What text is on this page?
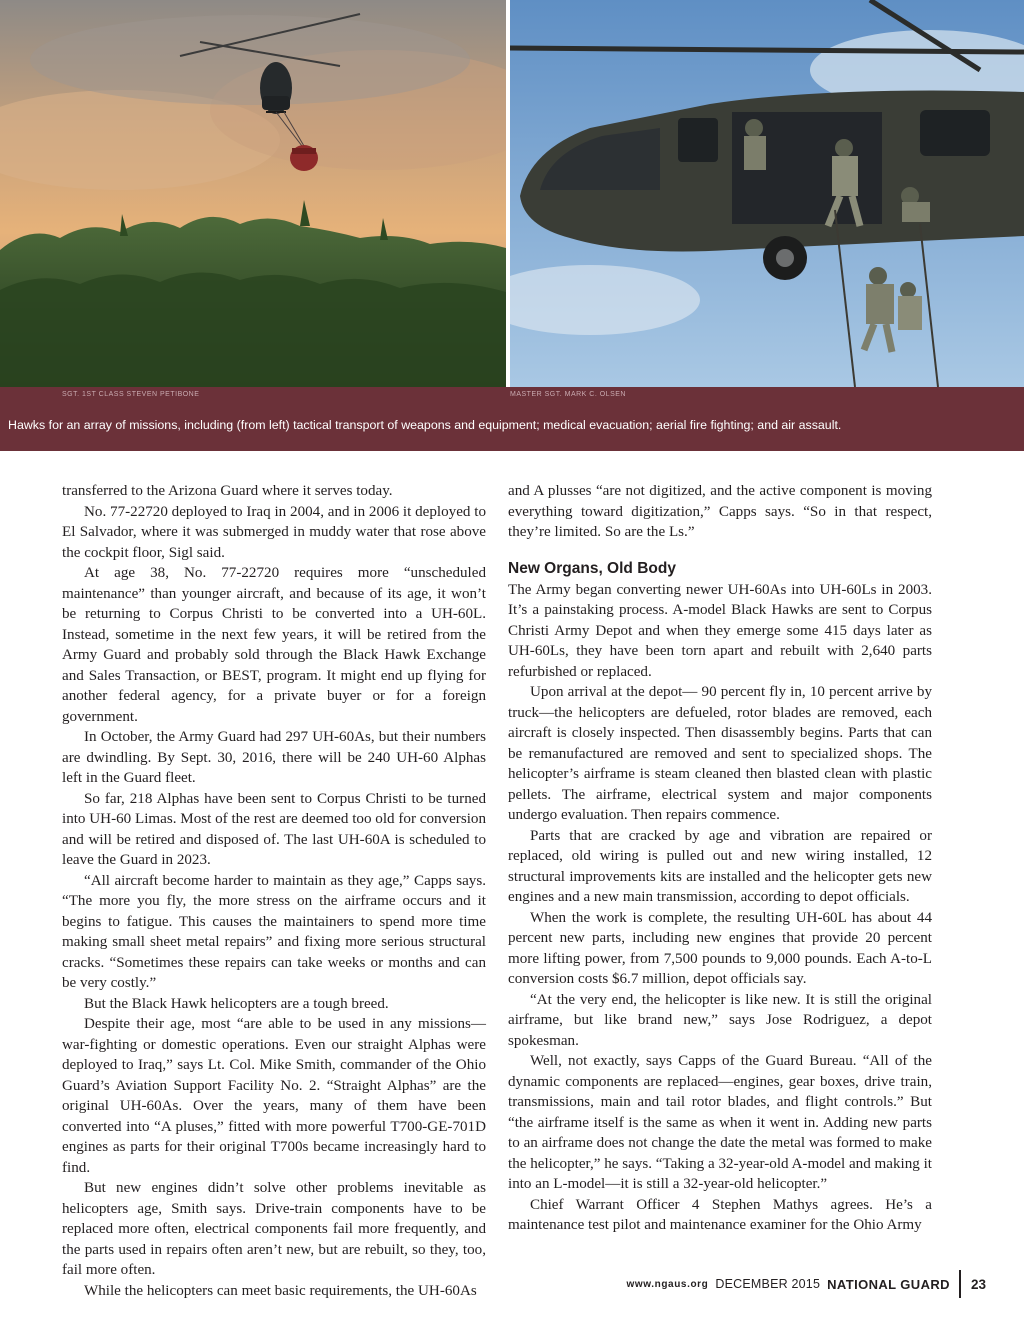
SGT. 1ST CLASS STEVEN PETIBONE	MASTER SGT. MARK C. OLSEN
Hawks for an array of missions, including (from left) tactical transport of weapons and equipment; medical evacuation; aerial fire fighting; and air assault.

transferred to the Arizona Guard where it serves today.

No. 77-22720 deployed to Iraq in 2004, and in 2006 it deployed to El Salvador, where it was submerged in muddy water that rose above the cockpit floor, Sigl said.

At age 38, No. 77-22720 requires more “unscheduled maintenance” than younger aircraft, and because of its age, it won’t be returning to Corpus Christi to be converted into a UH-60L. Instead, sometime in the next few years, it will be retired from the Army Guard and probably sold through the Black Hawk Exchange and Sales Transaction, or BEST, program. It might end up flying for another federal agency, for a private buyer or for a foreign government.

In October, the Army Guard had 297 UH-60As, but their numbers are dwindling. By Sept. 30, 2016, there will be 240 UH-60 Alphas left in the Guard fleet.

So far, 218 Alphas have been sent to Corpus Christi to be turned into UH-60 Limas. Most of the rest are deemed too old for conversion and will be retired and disposed of. The last UH-60A is scheduled to leave the Guard in 2023.

“All aircraft become harder to maintain as they age,” Capps says. “The more you fly, the more stress on the airframe occurs and it begins to fatigue. This causes the maintainers to spend more time making small sheet metal repairs” and fixing more serious structural cracks. “Sometimes these repairs can take weeks or months and can be very costly.”

But the Black Hawk helicopters are a tough breed.

Despite their age, most “are able to be used in any missions—war-fighting or domestic operations. Even our straight Alphas were deployed to Iraq,” says Lt. Col. Mike Smith, commander of the Ohio Guard’s Aviation Support Facility No. 2. “Straight Alphas” are the original UH-60As. Over the years, many of them have been converted into “A pluses,” fitted with more powerful T700-GE-701D engines as parts for their original T700s became increasingly hard to find.

But new engines didn’t solve other problems inevitable as helicopters age, Smith says. Drive-train components have to be replaced more often, electrical components fail more frequently, and the parts used in repairs often aren’t new, but are rebuilt, so they, too, fail more often.

While the helicopters can meet basic requirements, the UH-60As

and A plusses “are not digitized, and the active component is moving everything toward digitization,” Capps says. “So in that respect, they’re limited. So are the Ls.”

New Organs, Old Body

The Army began converting newer UH-60As into UH-60Ls in 2003. It’s a painstaking process. A-model Black Hawks are sent to Corpus Christi Army Depot and when they emerge some 415 days later as UH-60Ls, they have been torn apart and rebuilt with 2,640 parts refurbished or replaced.

Upon arrival at the depot— 90 percent fly in, 10 percent arrive by truck—the helicopters are defueled, rotor blades are removed, each aircraft is closely inspected. Then disassembly begins. Parts that can be remanufactured are removed and sent to specialized shops. The helicopter’s airframe is steam cleaned then blasted clean with plastic pellets. The airframe, electrical system and major components undergo evaluation. Then repairs commence.

Parts that are cracked by age and vibration are repaired or replaced, old wiring is pulled out and new wiring installed, 12 structural improvements kits are installed and the helicopter gets new engines and a new main transmission, according to depot officials.

When the work is complete, the resulting UH-60L has about 44 percent new parts, including new engines that provide 20 percent more lifting power, from 7,500 pounds to 9,000 pounds. Each A-to-L conversion costs $6.7 million, depot officials say.

“At the very end, the helicopter is like new. It is still the original airframe, but like brand new,” says Jose Rodriguez, a depot spokesman.

Well, not exactly, says Capps of the Guard Bureau. “All of the dynamic components are replaced—engines, gear boxes, drive train, transmissions, main and tail rotor blades, and flight controls.” But “the airframe itself is the same as when it went in. Adding new parts to an airframe does not change the date the metal was formed to make the helicopter,” he says. “Taking a 32-year-old A-model and making it into an L-model—it is still a 32-year-old helicopter.”

Chief Warrant Officer 4 Stephen Mathys agrees. He’s a maintenance test pilot and maintenance examiner for the Ohio Army

www.ngaus.org DECEMBER 2015 NATIONAL GUARD 23
